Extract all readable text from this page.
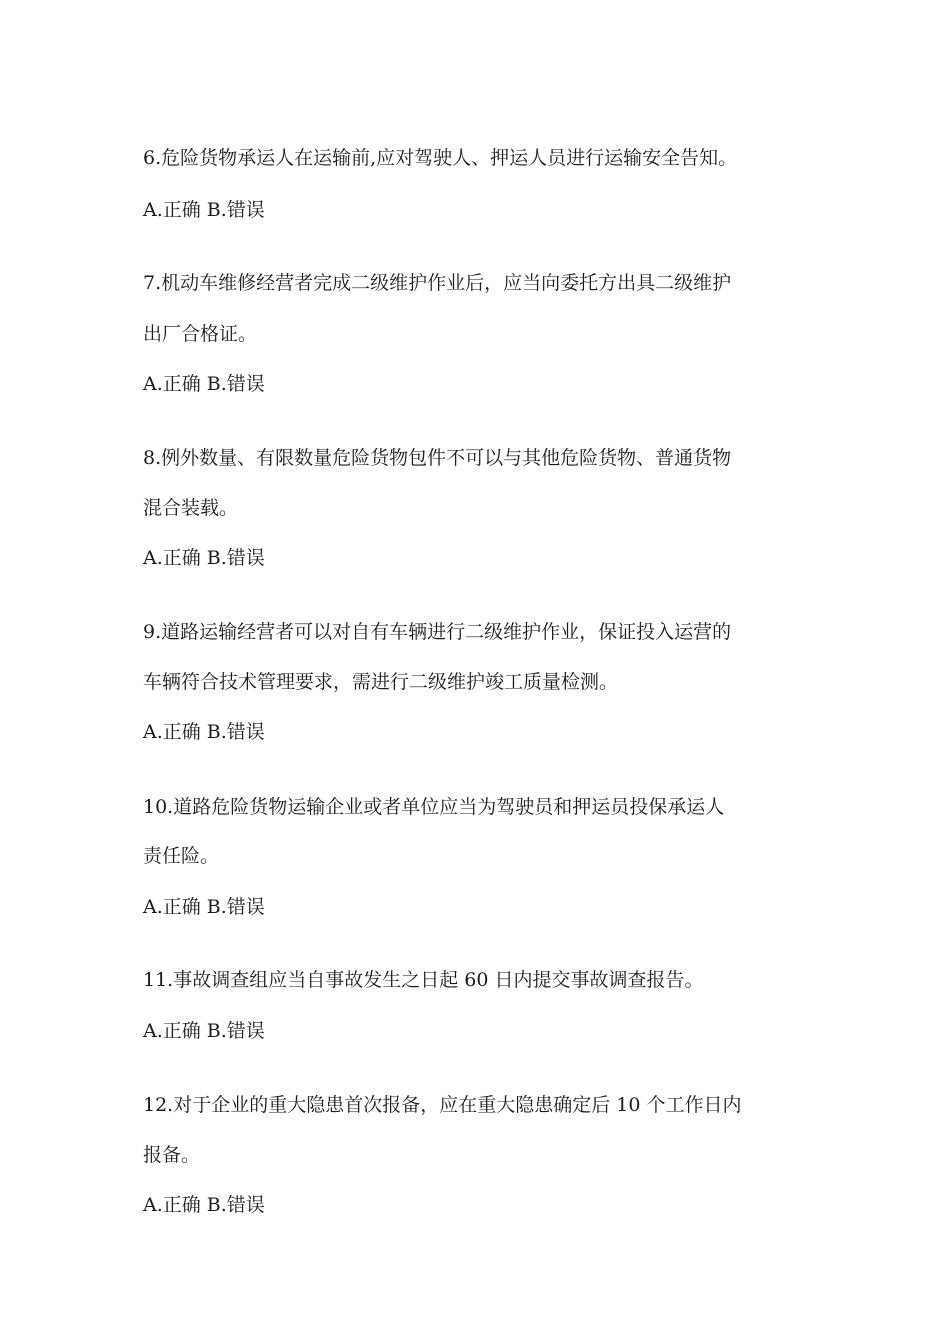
6.危险货物承运人在运输前,应对驾驶人、押运人员进行运输安全告知。
A.正确 B.错误
7.机动车维修经营者完成二级维护作业后，应当向委托方出具二级维护
出厂合格证。
A.正确 B.错误
8.例外数量、有限数量危险货物包件不可以与其他危险货物、普通货物
混合装载。
A.正确 B.错误
9.道路运输经营者可以对自有车辆进行二级维护作业，保证投入运营的
车辆符合技术管理要求，需进行二级维护竣工质量检测。
A.正确 B.错误
10.道路危险货物运输企业或者单位应当为驾驶员和押运员投保承运人
责任险。
A.正确 B.错误
11.事故调查组应当自事故发生之日起 60 日内提交事故调查报告。
A.正确 B.错误
12.对于企业的重大隐患首次报备，应在重大隐患确定后 10 个工作日内
报备。
A.正确 B.错误
